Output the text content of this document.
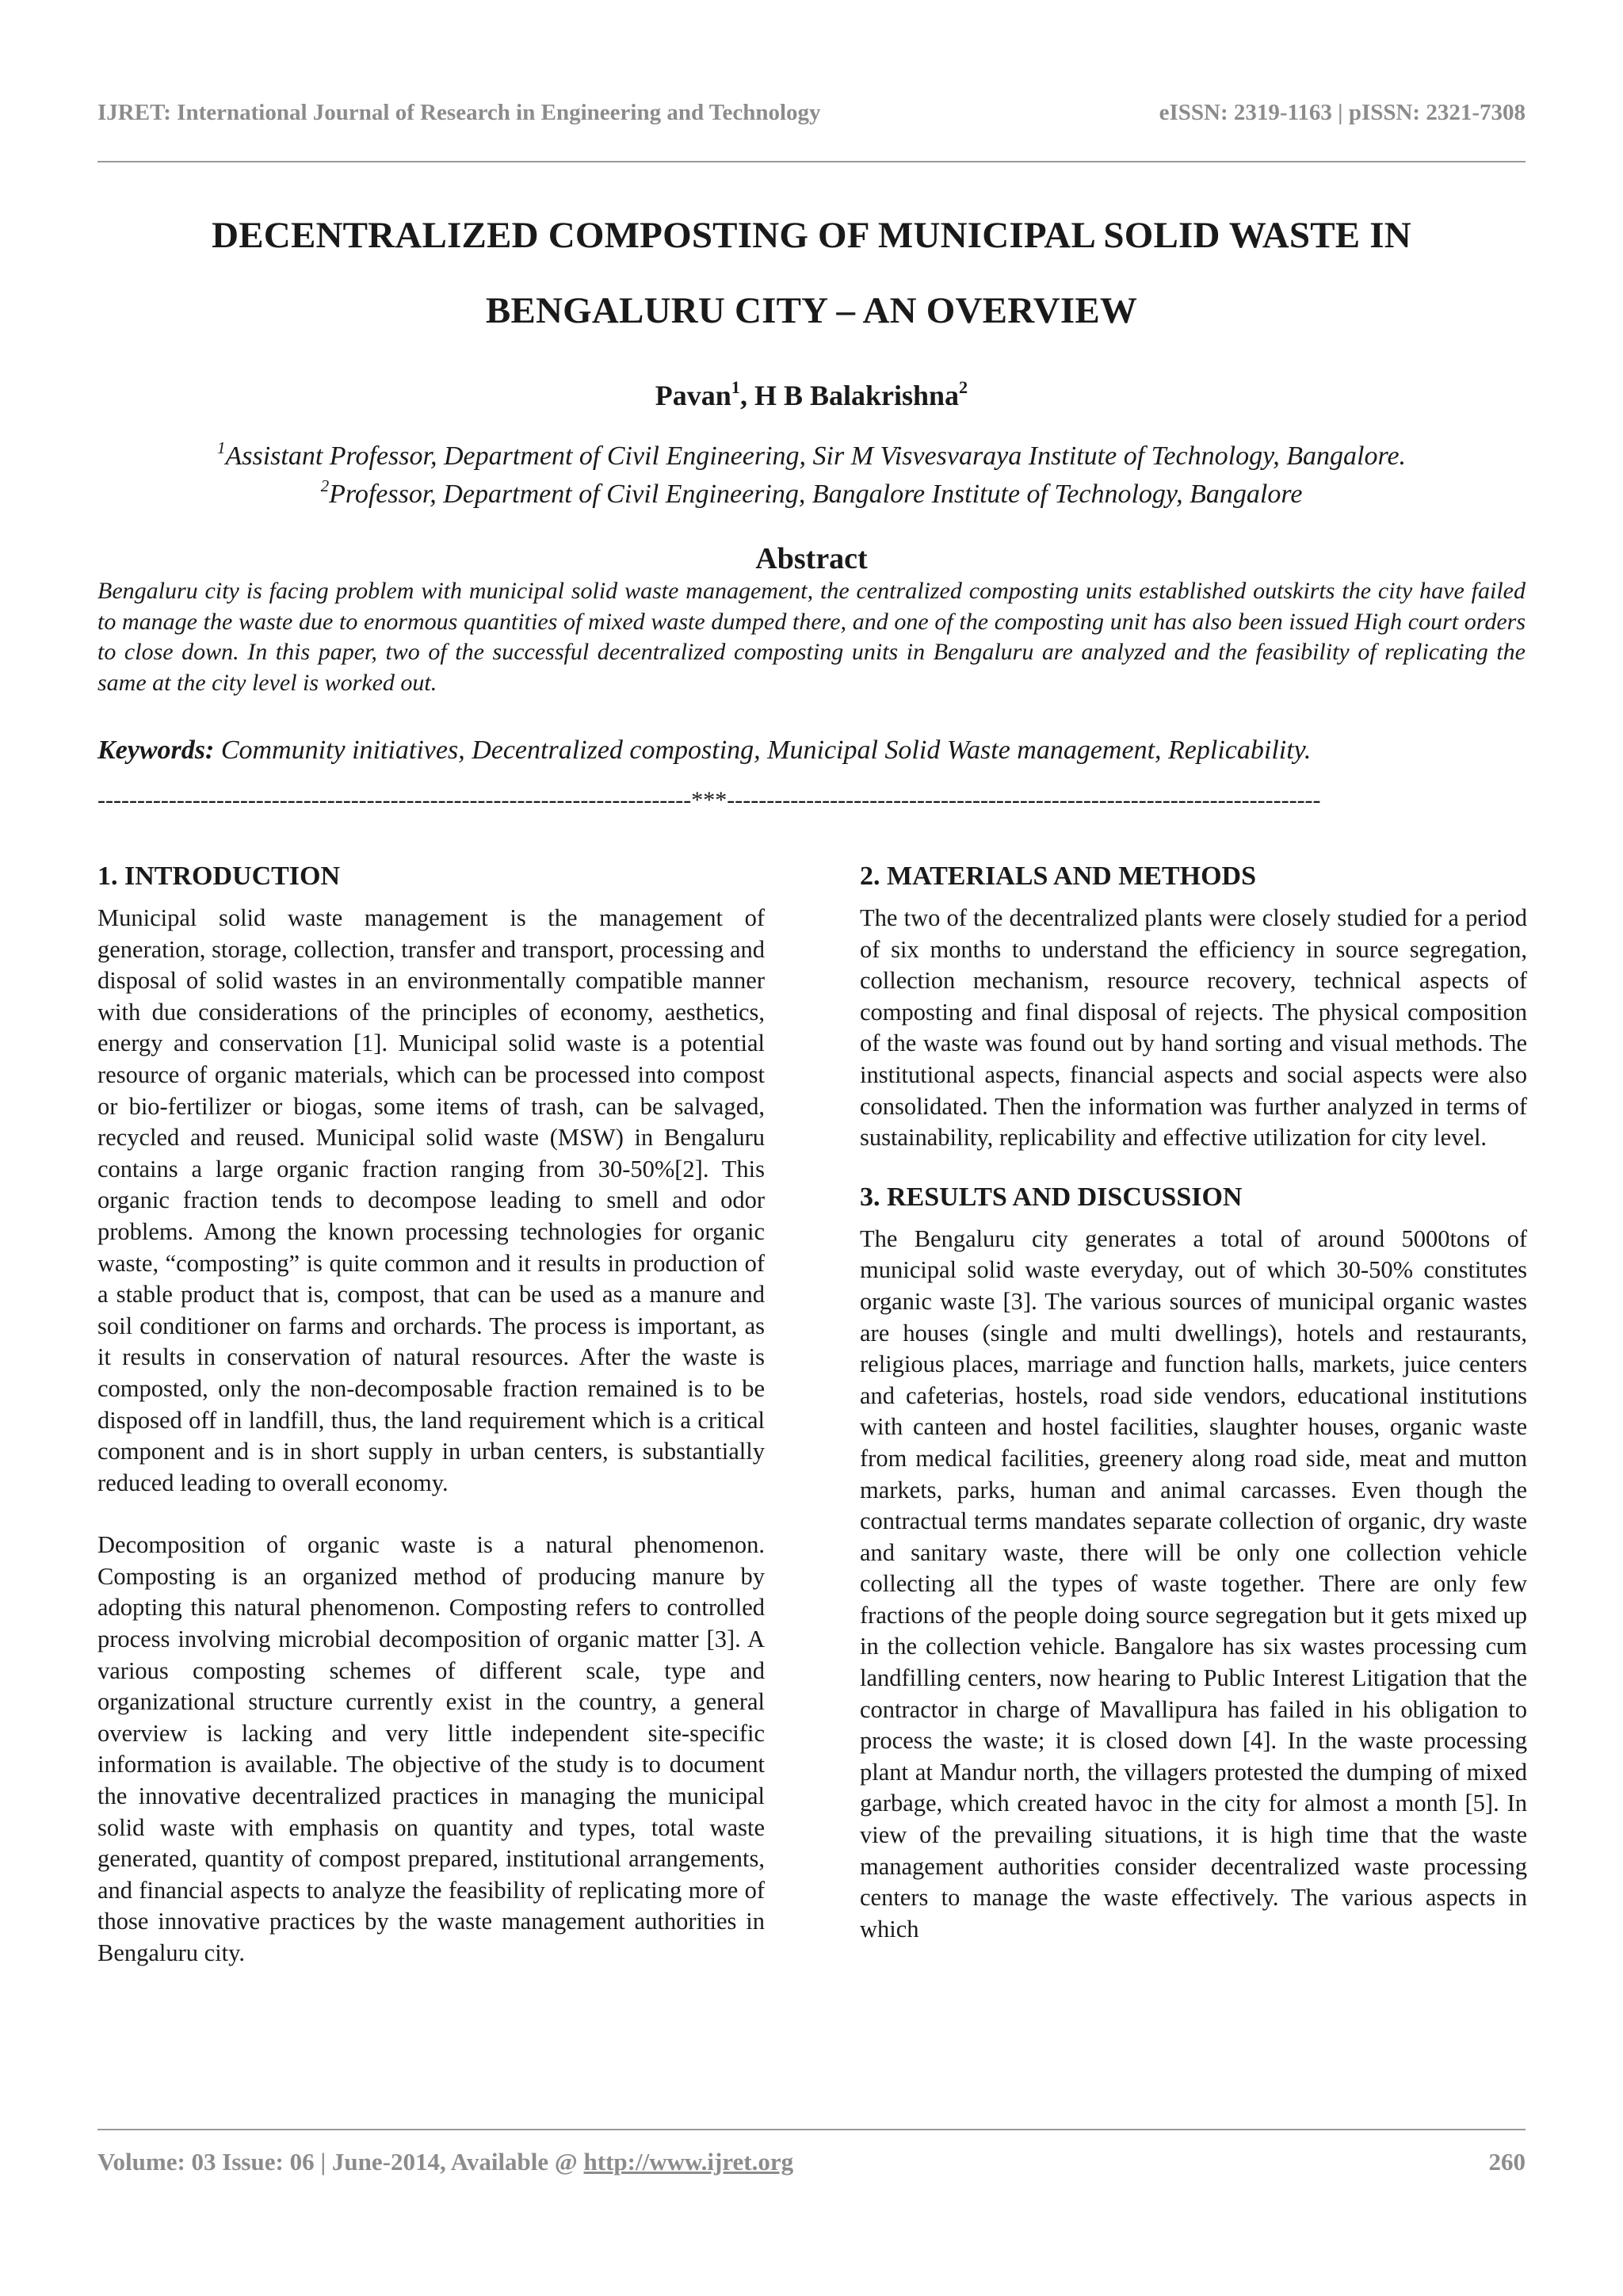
IJRET: International Journal of Research in Engineering and Technology	eISSN: 2319-1163 | pISSN: 2321-7308
DECENTRALIZED COMPOSTING OF MUNICIPAL SOLID WASTE IN
BENGALURU CITY – AN OVERVIEW
Pavan$^1$, H B Balakrishna$^2$
$^1$Assistant Professor, Department of Civil Engineering, Sir M Visvesvaraya Institute of Technology, Bangalore.
$^2$Professor, Department of Civil Engineering, Bangalore Institute of Technology, Bangalore
Abstract
Bengaluru city is facing problem with municipal solid waste management, the centralized composting units established outskirts the city have failed to manage the waste due to enormous quantities of mixed waste dumped there, and one of the composting unit has also been issued High court orders to close down. In this paper, two of the successful decentralized composting units in Bengaluru are analyzed and the feasibility of replicating the same at the city level is worked out.
Keywords: Community initiatives, Decentralized composting, Municipal Solid Waste management, Replicability.
---------------------------------------------------------------------------***---------------------------------------------------------------------------
1. INTRODUCTION

Municipal solid waste management is the management of generation, storage, collection, transfer and transport, processing and disposal of solid wastes in an environmentally compatible manner with due considerations of the principles of economy, aesthetics, energy and conservation [1]. Municipal solid waste is a potential resource of organic materials, which can be processed into compost or bio-fertilizer or biogas, some items of trash, can be salvaged, recycled and reused. Municipal solid waste (MSW) in Bengaluru contains a large organic fraction ranging from 30-50%[2]. This organic fraction tends to decompose leading to smell and odor problems. Among the known processing technologies for organic waste, “composting” is quite common and it results in production of a stable product that is, compost, that can be used as a manure and soil conditioner on farms and orchards. The process is important, as it results in conservation of natural resources. After the waste is composted, only the non-decomposable fraction remained is to be disposed off in landfill, thus, the land requirement which is a critical component and is in short supply in urban centers, is substantially reduced leading to overall economy.

Decomposition of organic waste is a natural phenomenon. Composting is an organized method of producing manure by adopting this natural phenomenon. Composting refers to controlled process involving microbial decomposition of organic matter [3]. A various composting schemes of different scale, type and organizational structure currently exist in the country, a general overview is lacking and very little independent site-specific information is available. The objective of the study is to document the innovative decentralized practices in managing the municipal solid waste with emphasis on quantity and types, total waste generated, quantity of compost prepared, institutional arrangements, and financial aspects to analyze the feasibility of replicating more of those innovative practices by the waste management authorities in Bengaluru city.

2. MATERIALS AND METHODS

The two of the decentralized plants were closely studied for a period of six months to understand the efficiency in source segregation, collection mechanism, resource recovery, technical aspects of composting and final disposal of rejects. The physical composition of the waste was found out by hand sorting and visual methods. The institutional aspects, financial aspects and social aspects were also consolidated. Then the information was further analyzed in terms of sustainability, replicability and effective utilization for city level.

3. RESULTS AND DISCUSSION

The Bengaluru city generates a total of around 5000tons of municipal solid waste everyday, out of which 30-50% constitutes organic waste [3]. The various sources of municipal organic wastes are houses (single and multi dwellings), hotels and restaurants, religious places, marriage and function halls, markets, juice centers and cafeterias, hostels, road side vendors, educational institutions with canteen and hostel facilities, slaughter houses, organic waste from medical facilities, greenery along road side, meat and mutton markets, parks, human and animal carcasses. Even though the contractual terms mandates separate collection of organic, dry waste and sanitary waste, there will be only one collection vehicle collecting all the types of waste together. There are only few fractions of the people doing source segregation but it gets mixed up in the collection vehicle. Bangalore has six wastes processing cum landfilling centers, now hearing to Public Interest Litigation that the contractor in charge of Mavallipura has failed in his obligation to process the waste; it is closed down [4]. In the waste processing plant at Mandur north, the villagers protested the dumping of mixed garbage, which created havoc in the city for almost a month [5]. In view of the prevailing situations, it is high time that the waste management authorities consider decentralized waste processing centers to manage the waste effectively. The various aspects in which

Volume: 03 Issue: 06 | June-2014, Available @ http://www.ijret.org	260
